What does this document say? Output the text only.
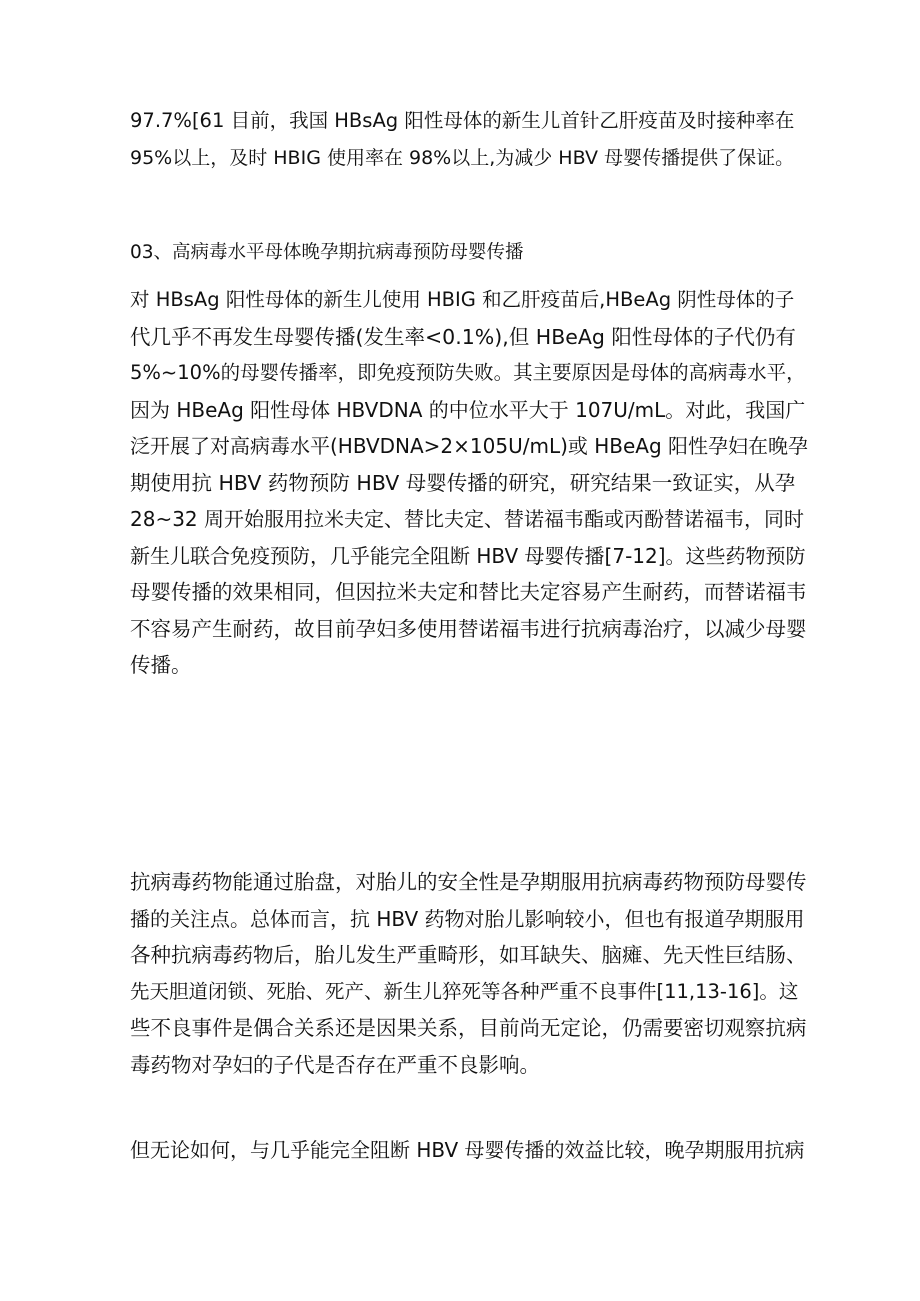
97.7%[61 目前，我国 HBsAg 阳性母体的新生儿首针乙肝疫苗及时接种率在
95%以上，及时 HBIG 使用率在 98%以上,为减少 HBV 母婴传播提供了保证。

03、高病毒水平母体晚孕期抗病毒预防母婴传播

对 HBsAg 阳性母体的新生儿使用 HBIG 和乙肝疫苗后,HBeAg 阴性母体的子
代几乎不再发生母婴传播(发生率<0.1%),但 HBeAg 阳性母体的子代仍有
5%~10%的母婴传播率，即免疫预防失败。其主要原因是母体的高病毒水平，
因为 HBeAg 阳性母体 HBVDNA 的中位水平大于 107U/mL。对此，我国广
泛开展了对高病毒水平(HBVDNA>2×105U/mL)或 HBeAg 阳性孕妇在晚孕
期使用抗 HBV 药物预防 HBV 母婴传播的研究，研究结果一致证实，从孕
28~32 周开始服用拉米夫定、替比夫定、替诺福韦酯或丙酚替诺福韦，同时
新生儿联合免疫预防，几乎能完全阻断 HBV 母婴传播[7-12]。这些药物预防
母婴传播的效果相同，但因拉米夫定和替比夫定容易产生耐药，而替诺福韦
不容易产生耐药，故目前孕妇多使用替诺福韦进行抗病毒治疗，以减少母婴
传播。

抗病毒药物能通过胎盘，对胎儿的安全性是孕期服用抗病毒药物预防母婴传
播的关注点。总体而言，抗 HBV 药物对胎儿影响较小，但也有报道孕期服用
各种抗病毒药物后，胎儿发生严重畸形，如耳缺失、脑瘫、先天性巨结肠、
先天胆道闭锁、死胎、死产、新生儿猝死等各种严重不良事件[11,13-16]。这
些不良事件是偶合关系还是因果关系，目前尚无定论，仍需要密切观察抗病
毒药物对孕妇的子代是否存在严重不良影响。

但无论如何，与几乎能完全阻断 HBV 母婴传播的效益比较，晚孕期服用抗病
